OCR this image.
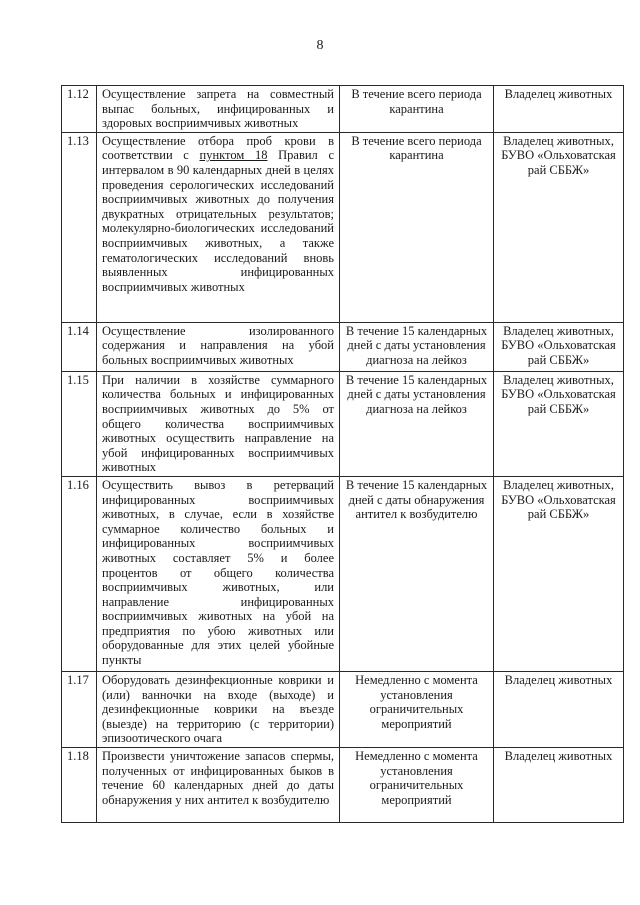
8
1.12	Осуществление запрета на совместный выпас больных, инфицированных и здоровых восприимчивых животных	В течение всего периода карантина	Владелец животных
1.13	Осуществление отбора проб крови в соответствии с пунктом 18 Правил с интервалом в 90 календарных дней в целях проведения серологических исследований восприимчивых животных до получения двукратных отрицательных результатов; молекулярно-биологических исследований восприимчивых животных, а также гематологических исследований вновь выявленных инфицированных восприимчивых животных	В течение всего периода карантина	Владелец животных, БУВО «Ольховатская рай СББЖ»
1.14	Осуществление изолированного содержания и направления на убой больных восприимчивых животных	В течение 15 календарных дней с даты установления диагноза на лейкоз	Владелец животных, БУВО «Ольховатская рай СББЖ»
1.15	При наличии в хозяйстве суммарного количества больных и инфицированных восприимчивых животных до 5% от общего количества восприимчивых животных осуществить направление на убой инфицированных восприимчивых животных	В течение 15 календарных дней с даты установления диагноза на лейкоз	Владелец животных, БУВО «Ольховатская рай СББЖ»
1.16	Осуществить вывоз в ретерваций инфицированных восприимчивых животных, в случае, если в хозяйстве суммарное количество больных и инфицированных восприимчивых животных составляет 5% и более процентов от общего количества восприимчивых животных, или направление инфицированных восприимчивых животных на убой на предприятия по убою животных или оборудованные для этих целей убойные пункты	В течение 15 календарных дней с даты обнаружения антител к возбудителю	Владелец животных, БУВО «Ольховатская рай СББЖ»
1.17	Оборудовать дезинфекционные коврики и (или) ванночки на входе (выходе) и дезинфекционные коврики на въезде (выезде) на территорию (с территории) эпизоотического очага	Немедленно с момента установления ограничительных мероприятий	Владелец животных
1.18	Произвести уничтожение запасов спермы, полученных от инфицированных быков в течение 60 календарных дней до даты обнаружения у них антител к возбудителю	Немедленно с момента установления ограничительных мероприятий	Владелец животных
